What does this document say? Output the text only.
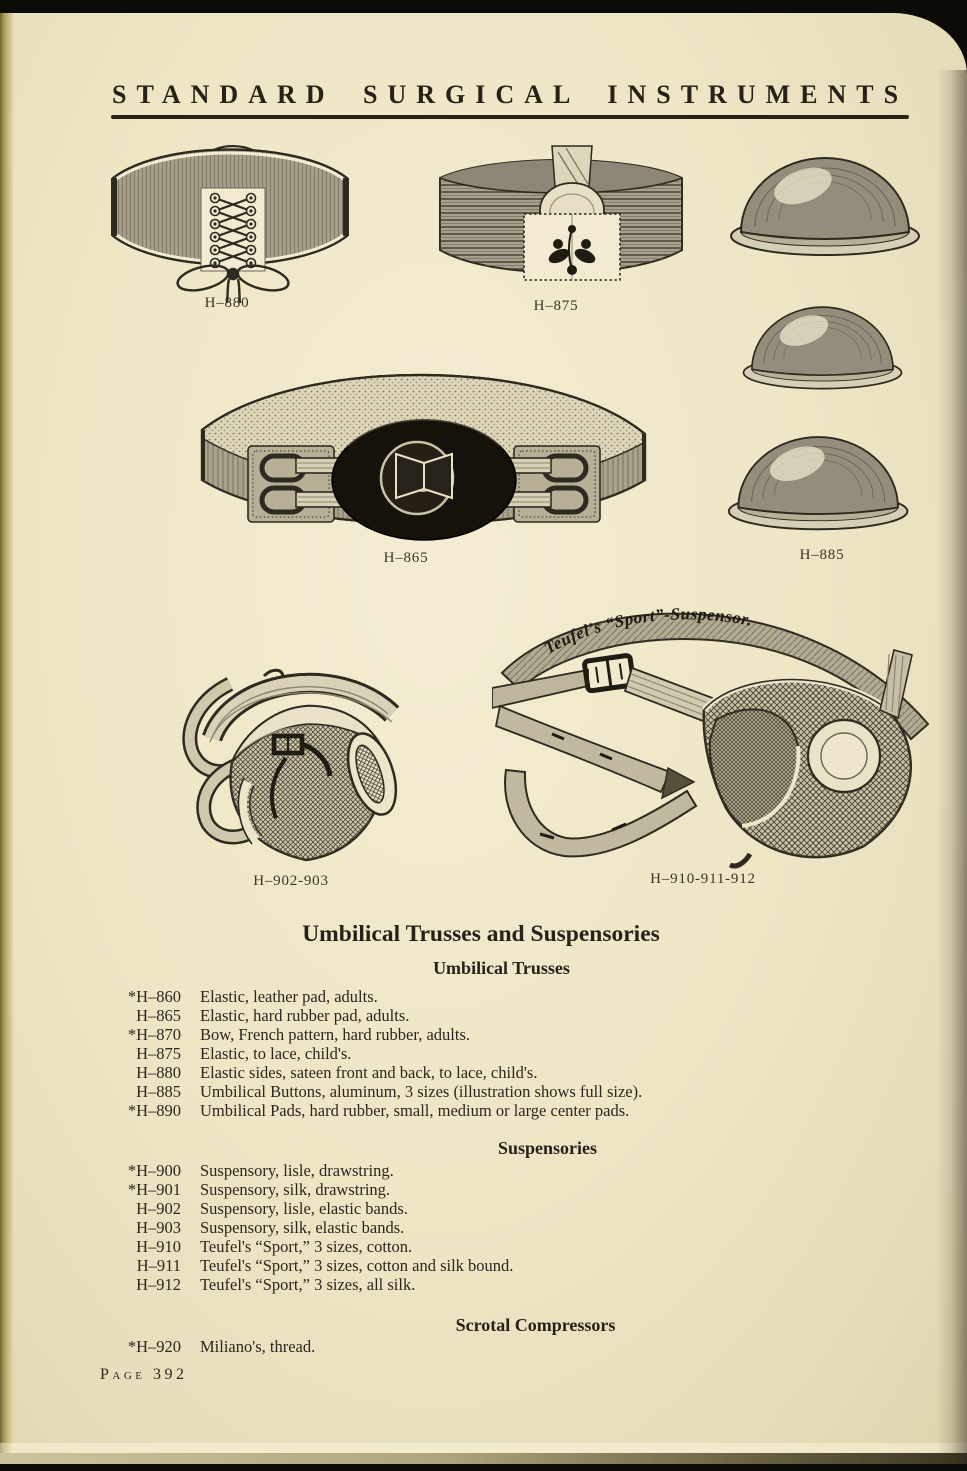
STANDARD SURGICAL INSTRUMENTS
H–880	H–875
H–885
H–865
H–902-903
Teufel's “Sport”-Suspensor.
H–910-911-912
Umbilical Trusses and Suspensories
Umbilical Trusses
*H–860 Elastic, leather pad, adults.
H–865 Elastic, hard rubber pad, adults.
*H–870 Bow, French pattern, hard rubber, adults.
H–875 Elastic, to lace, child's.
H–880 Elastic sides, sateen front and back, to lace, child's.
H–885 Umbilical Buttons, aluminum, 3 sizes (illustration shows full size).
*H–890 Umbilical Pads, hard rubber, small, medium or large center pads.
Suspensories
*H–900 Suspensory, lisle, drawstring.
*H–901 Suspensory, silk, drawstring.
H–902 Suspensory, lisle, elastic bands.
H–903 Suspensory, silk, elastic bands.
H–910 Teufel's “Sport,” 3 sizes, cotton.
H–911 Teufel's “Sport,” 3 sizes, cotton and silk bound.
H–912 Teufel's “Sport,” 3 sizes, all silk.
Scrotal Compressors
*H–920 Miliano's, thread.
Page 392
